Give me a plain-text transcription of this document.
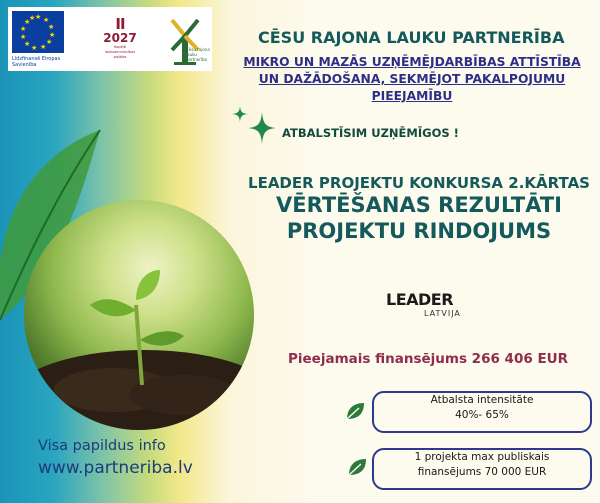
★ ★
★
★
★
★
★
★
★
★
★
★
Līdzfinansē Eiropas Savienība
II
2027
Kopējā lauksaimniecības politika
Cēsu rajona lauku partnerība
CĒSU RAJONA LAUKU PARTNERĪBA
MIKRO UN MAZĀS UZŅĒMĒJDARBĪBAS ATTĪSTĪBA
UN DAŽĀDOŠANA, SEKMĒJOT PAKALPOJUMU
PIEEJAMĪBU
ATBALSTĪSIM UZŅĒMĪGOS !
LEADER PROJEKTU KONKURSA 2.KĀRTAS
VĒRTĒŠANAS REZULTĀTI
PROJEKTU RINDOJUMS
LEADER
LATVIJA
Pieejamais finansējums 266 406 EUR
Atbalsta intensitāte
40%- 65%
1 projekta max publiskais
finansējums 70 000 EUR
Visa papildus info
www.partneriba.lv
